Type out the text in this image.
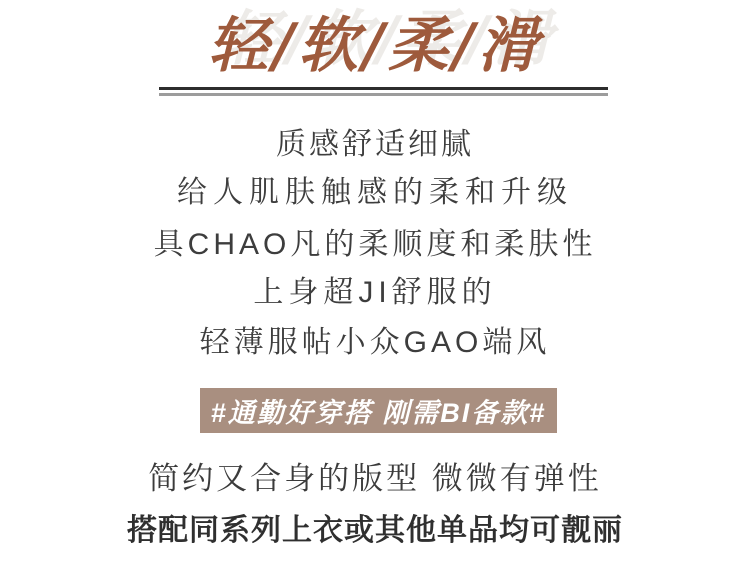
轻/软/柔/滑
质感舒适细腻
给人肌肤触感的柔和升级
具CHAO凡的柔顺度和柔肤性
上身超JI舒服的
轻薄服帖小众GAO端风
#通勤好穿搭 刚需BI备款#
简约又合身的版型 微微有弹性
搭配同系列上衣或其他单品均可靓丽
